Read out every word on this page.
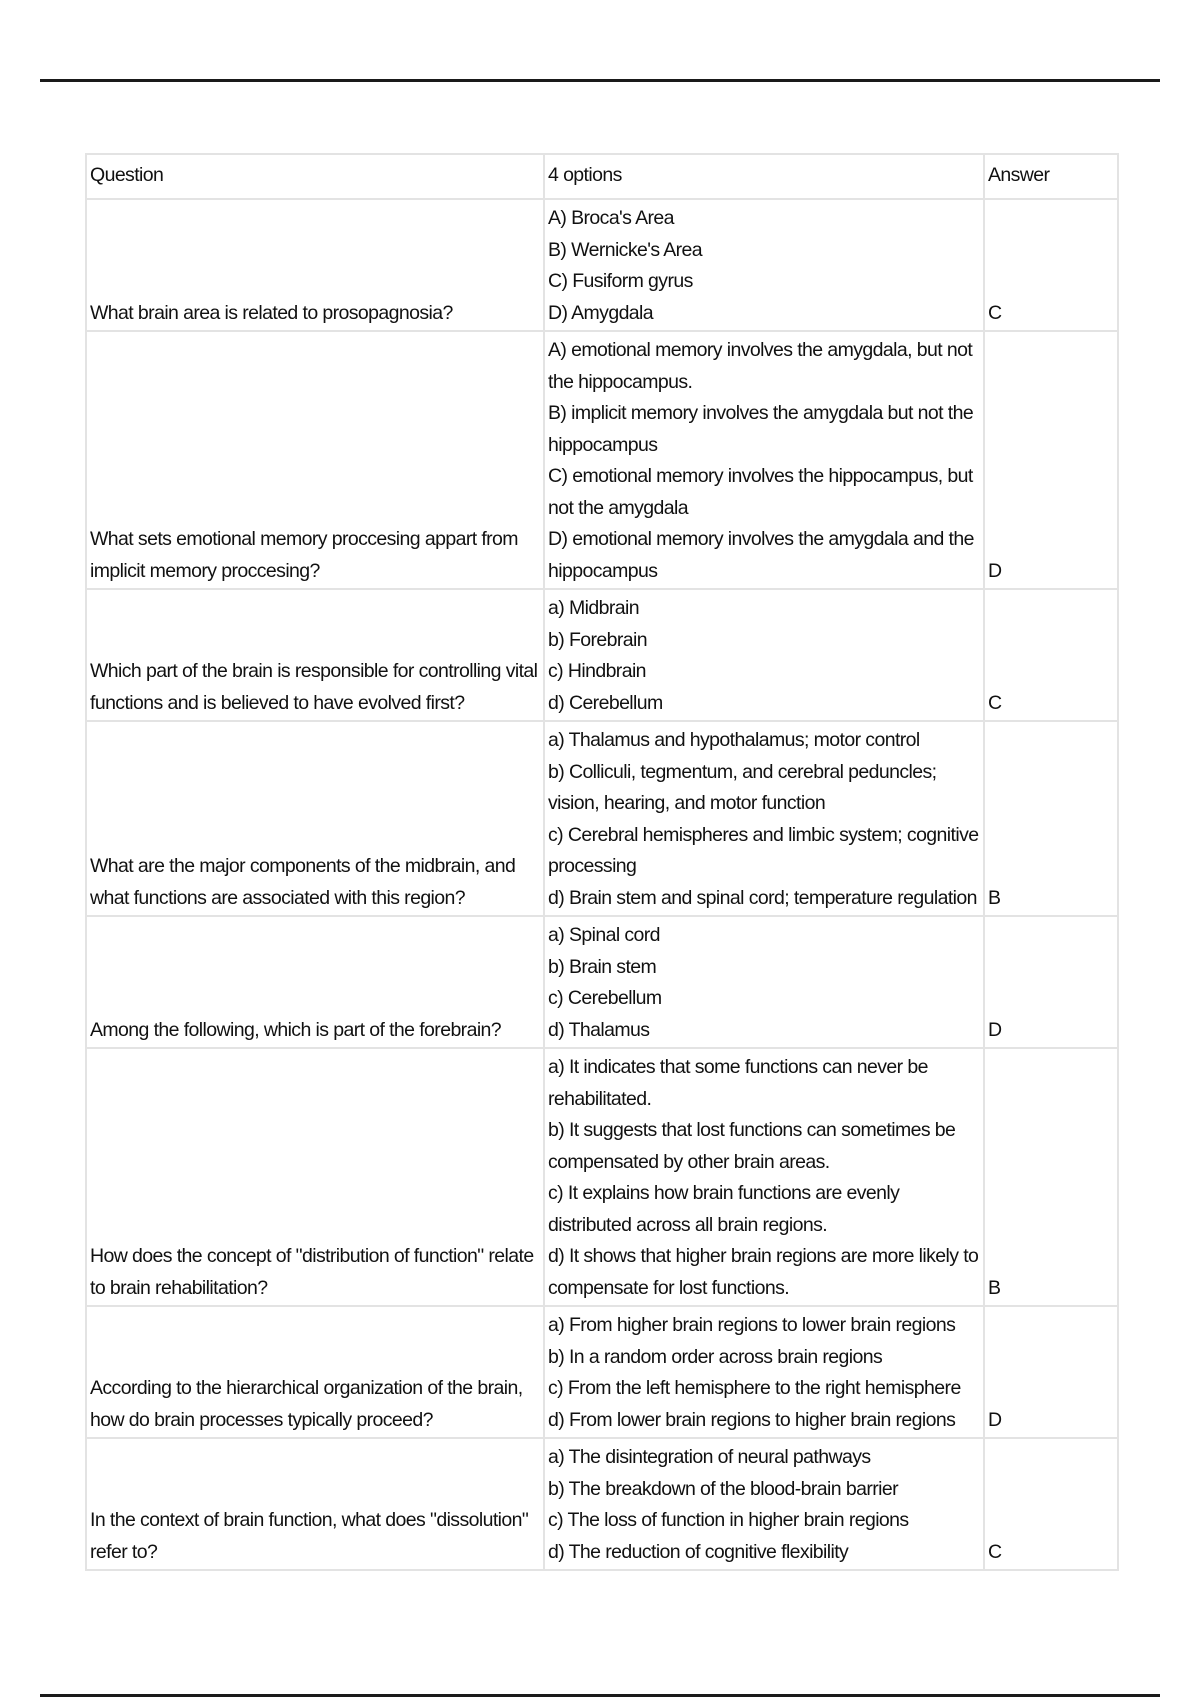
Question	4 options	Answer
What brain area is related to prosopagnosia?	A) Broca's Area
B) Wernicke's Area
C) Fusiform gyrus
D) Amygdala	C
What sets emotional memory proccesing appart from implicit memory proccesing?	A) emotional memory involves the amygdala, but not the hippocampus.
B) implicit memory involves the amygdala but not the hippocampus
C) emotional memory involves the hippocampus, but not the amygdala
D) emotional memory involves the amygdala and the hippocampus	D
Which part of the brain is responsible for controlling vital functions and is believed to have evolved first?	a) Midbrain
b) Forebrain
c) Hindbrain
d) Cerebellum	C
What are the major components of the midbrain, and what functions are associated with this region?	a) Thalamus and hypothalamus; motor control
b) Colliculi, tegmentum, and cerebral peduncles; vision, hearing, and motor function
c) Cerebral hemispheres and limbic system; cognitive processing
d) Brain stem and spinal cord; temperature regulation	B
Among the following, which is part of the forebrain?	a) Spinal cord
b) Brain stem
c) Cerebellum
d) Thalamus	D
How does the concept of "distribution of function" relate to brain rehabilitation?	a) It indicates that some functions can never be rehabilitated.
b) It suggests that lost functions can sometimes be compensated by other brain areas.
c) It explains how brain functions are evenly distributed across all brain regions.
d) It shows that higher brain regions are more likely to compensate for lost functions.	B
According to the hierarchical organization of the brain, how do brain processes typically proceed?	a) From higher brain regions to lower brain regions
b) In a random order across brain regions
c) From the left hemisphere to the right hemisphere
d) From lower brain regions to higher brain regions	D
In the context of brain function, what does "dissolution" refer to?	a) The disintegration of neural pathways
b) The breakdown of the blood-brain barrier
c) The loss of function in higher brain regions
d) The reduction of cognitive flexibility	C
